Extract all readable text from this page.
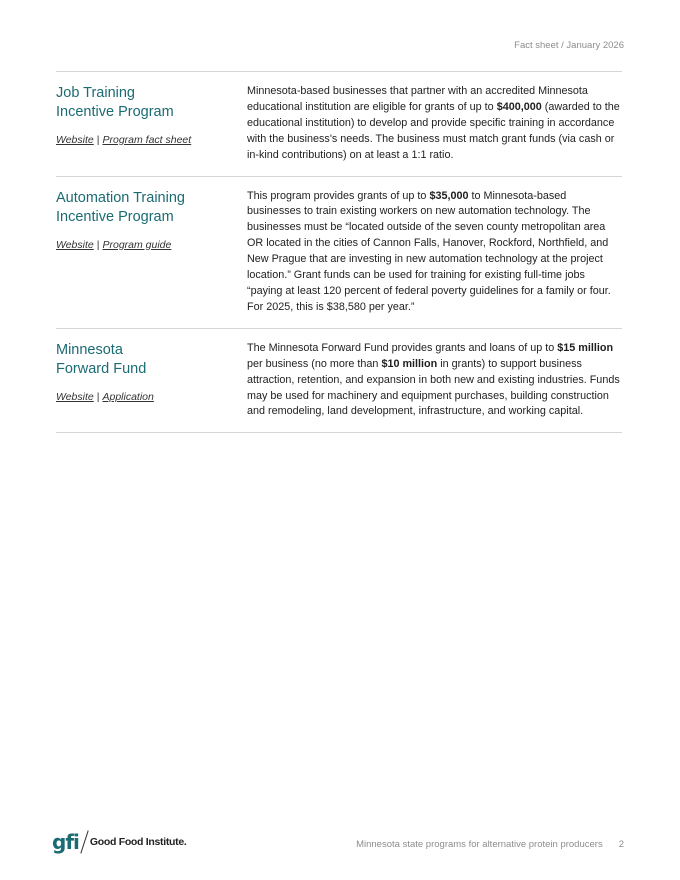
Fact sheet / January 2026
Job Training
Incentive Program
Website | Program fact sheet

Minnesota-based businesses that partner with an accredited Minnesota educational institution are eligible for grants of up to $400,000 (awarded to the educational institution) to develop and provide specific training in accordance with the business's needs. The business must match grant funds (via cash or in-kind contributions) on at least a 1:1 ratio.

Automation Training
Incentive Program
Website | Program guide

This program provides grants of up to $35,000 to Minnesota-based businesses to train existing workers on new automation technology. The businesses must be “located outside of the seven county metropolitan area OR located in the cities of Cannon Falls, Hanover, Rockford, Northfield, and New Prague that are investing in new automation technology at the project location.” Grant funds can be used for training for existing full-time jobs “paying at least 120 percent of federal poverty guidelines for a family or four. For 2025, this is $38,580 per year.”

Minnesota
Forward Fund
Website | Application

The Minnesota Forward Fund provides grants and loans of up to $15 million per business (no more than $10 million in grants) to support business attraction, retention, and expansion in both new and existing industries. Funds may be used for machinery and equipment purchases, building construction and remodeling, land development, infrastructure, and working capital.

gfi Good Food Institute.	Minnesota state programs for alternative protein producers 2
